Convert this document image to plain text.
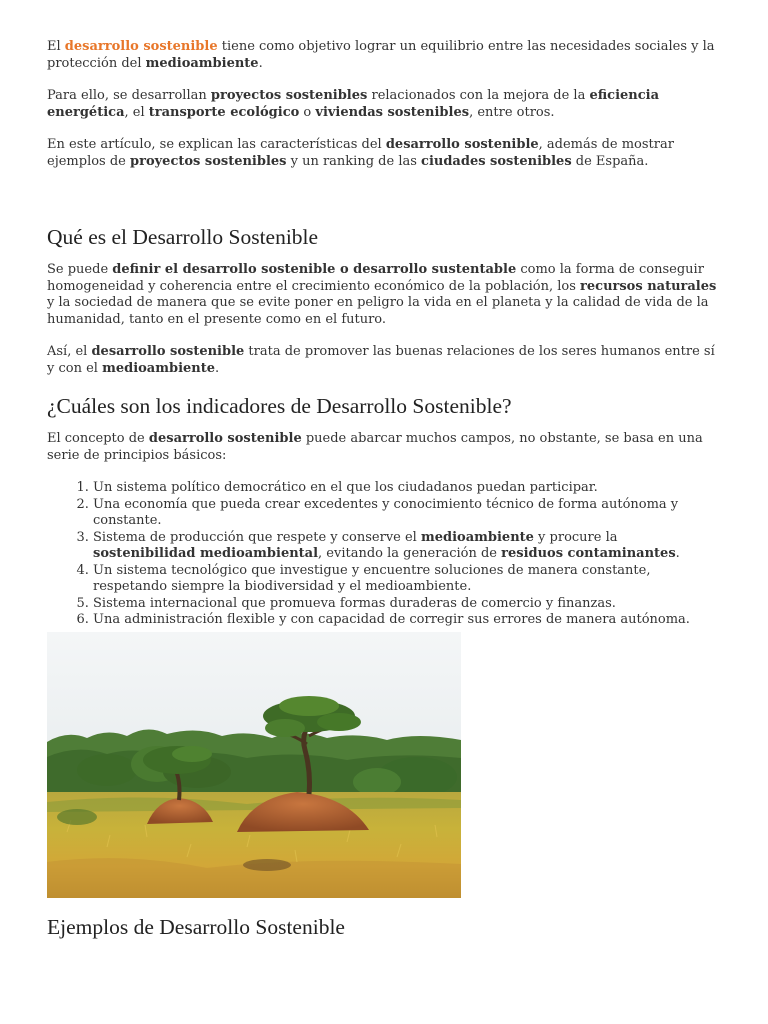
El desarrollo sostenible tiene como objetivo lograr un equilibrio entre las necesidades sociales y la protección del medioambiente.

Para ello, se desarrollan proyectos sostenibles relacionados con la mejora de la eficiencia energética, el transporte ecológico o viviendas sostenibles, entre otros.

En este artículo, se explican las características del desarrollo sostenible, además de mostrar ejemplos de proyectos sostenibles y un ranking de las ciudades sostenibles de España.

Qué es el Desarrollo Sostenible

Se puede definir el desarrollo sostenible o desarrollo sustentable como la forma de conseguir homogeneidad y coherencia entre el crecimiento económico de la población, los recursos naturales y la sociedad de manera que se evite poner en peligro la vida en el planeta y la calidad de vida de la humanidad, tanto en el presente como en el futuro.

Así, el desarrollo sostenible trata de promover las buenas relaciones de los seres humanos entre sí y con el medioambiente.

¿Cuáles son los indicadores de Desarrollo Sostenible?

El concepto de desarrollo sostenible puede abarcar muchos campos, no obstante, se basa en una serie de principios básicos:

1. Un sistema político democrático en el que los ciudadanos puedan participar.
2. Una economía que pueda crear excedentes y conocimiento técnico de forma autónoma y constante.
3. Sistema de producción que respete y conserve el medioambiente y procure la sostenibilidad medioambiental, evitando la generación de residuos contaminantes.
4. Un sistema tecnológico que investigue y encuentre soluciones de manera constante, respetando siempre la biodiversidad y el medioambiente.
5. Sistema internacional que promueva formas duraderas de comercio y finanzas.
6. Una administración flexible y con capacidad de corregir sus errores de manera autónoma.
Ejemplos de Desarrollo Sostenible
